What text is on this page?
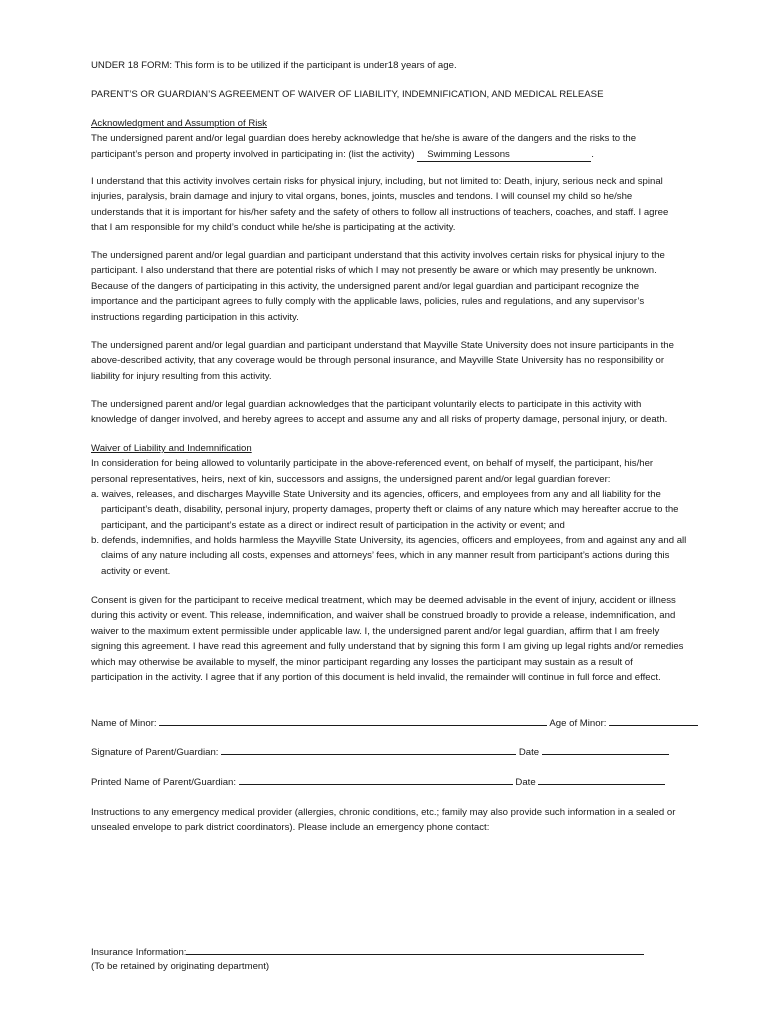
UNDER 18 FORM: This form is to be utilized if the participant is under18 years of age.

PARENT’S OR GUARDIAN’S AGREEMENT OF WAIVER OF LIABILITY, INDEMNIFICATION, AND MEDICAL RELEASE

Acknowledgment and Assumption of Risk
The undersigned parent and/or legal guardian does hereby acknowledge that he/she is aware of the dangers and the risks to the participant’s person and property involved in participating in: (list the activity) Swimming Lessons	.

I understand that this activity involves certain risks for physical injury, including, but not limited to: Death, injury, serious neck and spinal injuries, paralysis, brain damage and injury to vital organs, bones, joints, muscles and tendons. I will counsel my child so he/she understands that it is important for his/her safety and the safety of others to follow all instructions of teachers, coaches, and staff. I agree that I am responsible for my child’s conduct while he/she is participating at the activity.

The undersigned parent and/or legal guardian and participant understand that this activity involves certain risks for physical injury to the participant. I also understand that there are potential risks of which I may not presently be aware or which may presently be unknown. Because of the dangers of participating in this activity, the undersigned parent and/or legal guardian and participant recognize the importance and the participant agrees to fully comply with the applicable laws, policies, rules and regulations, and any supervisor’s instructions regarding participation in this activity.

The undersigned parent and/or legal guardian and participant understand that Mayville State University does not insure participants in the above-described activity, that any coverage would be through personal insurance, and Mayville State University has no responsibility or liability for injury resulting from this activity.

The undersigned parent and/or legal guardian acknowledges that the participant voluntarily elects to participate in this activity with knowledge of danger involved, and hereby agrees to accept and assume any and all risks of property damage, personal injury, or death.

Waiver of Liability and Indemnification
In consideration for being allowed to voluntarily participate in the above-referenced event, on behalf of myself, the participant, his/her personal representatives, heirs, next of kin, successors and assigns, the undersigned parent and/or legal guardian forever:

a. waives, releases, and discharges Mayville State University and its agencies, officers, and employees from any and all liability for the participant’s death, disability, personal injury, property damages, property theft or claims of any nature which may hereafter accrue to the participant, and the participant’s estate as a direct or indirect result of participation in the activity or event; and

b. defends, indemnifies, and holds harmless the Mayville State University, its agencies, officers and employees, from and against any and all claims of any nature including all costs, expenses and attorneys’ fees, which in any manner result from participant’s actions during this activity or event.

Consent is given for the participant to receive medical treatment, which may be deemed advisable in the event of injury, accident or illness during this activity or event. This release, indemnification, and waiver shall be construed broadly to provide a release, indemnification, and waiver to the maximum extent permissible under applicable law. I, the undersigned parent and/or legal guardian, affirm that I am freely signing this agreement. I have read this agreement and fully understand that by signing this form I am giving up legal rights and/or remedies which may otherwise be available to myself, the minor participant regarding any losses the participant may sustain as a result of participation in the activity. I agree that if any portion of this document is held invalid, the remainder will continue in full force and effect.

Name of Minor:	Age of Minor:
Signature of Parent/Guardian:	Date
Printed Name of Parent/Guardian:	Date

Instructions to any emergency medical provider (allergies, chronic conditions, etc.; family may also provide such information in a sealed or unsealed envelope to park district coordinators). Please include an emergency phone contact:

Insurance Information:

(To be retained by originating department)
